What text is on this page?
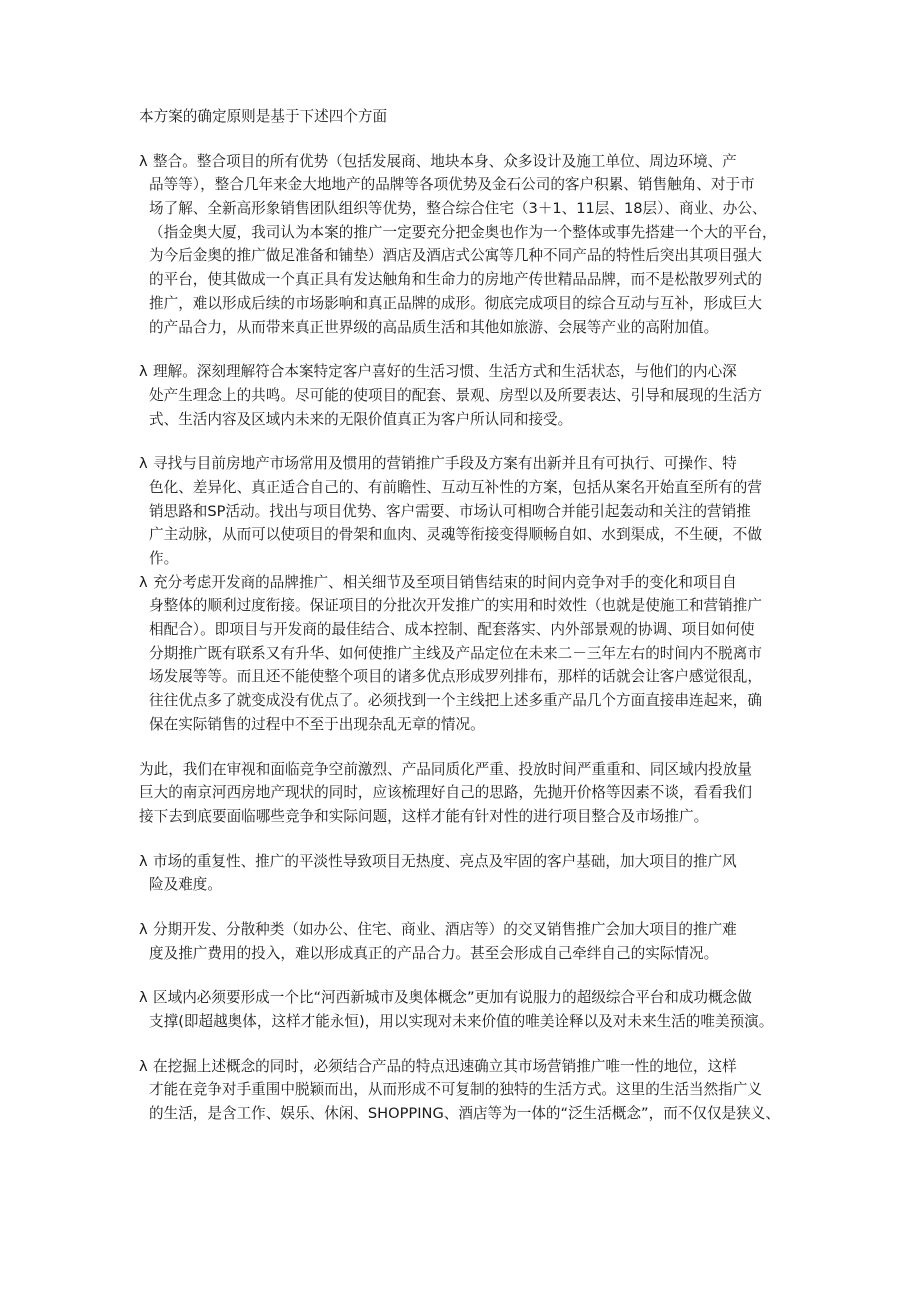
本方案的确定原则是基于下述四个方面
λ 整合。整合项目的所有优势（包括发展商、地块本身、众多设计及施工单位、周边环境、产
品等等），整合几年来金大地地产的品牌等各项优势及金石公司的客户积累、销售触角、对于市
场了解、全新高形象销售团队组织等优势，整合综合住宅（3＋1、11层、18层）、商业、办公、
（指金奥大厦，我司认为本案的推广一定要充分把金奥也作为一个整体或事先搭建一个大的平台，
为今后金奥的推广做足准备和铺垫）酒店及酒店式公寓等几种不同产品的特性后突出其项目强大
的平台，使其做成一个真正具有发达触角和生命力的房地产传世精品品牌，而不是松散罗列式的
推广，难以形成后续的市场影响和真正品牌的成形。彻底完成项目的综合互动与互补，形成巨大
的产品合力，从而带来真正世界级的高品质生活和其他如旅游、会展等产业的高附加值。
λ 理解。深刻理解符合本案特定客户喜好的生活习惯、生活方式和生活状态，与他们的内心深
处产生理念上的共鸣。尽可能的使项目的配套、景观、房型以及所要表达、引导和展现的生活方
式、生活内容及区域内未来的无限价值真正为客户所认同和接受。
λ 寻找与目前房地产市场常用及惯用的营销推广手段及方案有出新并且有可执行、可操作、特
色化、差异化、真正适合自己的、有前瞻性、互动互补性的方案，包括从案名开始直至所有的营
销思路和SP活动。找出与项目优势、客户需要、市场认可相吻合并能引起轰动和关注的营销推
广主动脉，从而可以使项目的骨架和血肉、灵魂等衔接变得顺畅自如、水到渠成，不生硬，不做
作。
λ 充分考虑开发商的品牌推广、相关细节及至项目销售结束的时间内竞争对手的变化和项目自
身整体的顺利过度衔接。保证项目的分批次开发推广的实用和时效性（也就是使施工和营销推广
相配合）。即项目与开发商的最佳结合、成本控制、配套落实、内外部景观的协调、项目如何使
分期推广既有联系又有升华、如何使推广主线及产品定位在未来二－三年左右的时间内不脱离市
场发展等等。而且还不能使整个项目的诸多优点形成罗列排布，那样的话就会让客户感觉很乱，
往往优点多了就变成没有优点了。必须找到一个主线把上述多重产品几个方面直接串连起来，确
保在实际销售的过程中不至于出现杂乱无章的情况。
为此，我们在审视和面临竞争空前激烈、产品同质化严重、投放时间严重重和、同区域内投放量
巨大的南京河西房地产现状的同时，应该梳理好自己的思路，先抛开价格等因素不谈，看看我们
接下去到底要面临哪些竞争和实际问题，这样才能有针对性的进行项目整合及市场推广。
λ 市场的重复性、推广的平淡性导致项目无热度、亮点及牢固的客户基础，加大项目的推广风
险及难度。
λ 分期开发、分散种类（如办公、住宅、商业、酒店等）的交叉销售推广会加大项目的推广难
度及推广费用的投入，难以形成真正的产品合力。甚至会形成自己牵绊自己的实际情况。
λ 区域内必须要形成一个比“河西新城市及奥体概念”更加有说服力的超级综合平台和成功概念做
支撑(即超越奥体，这样才能永恒)，用以实现对未来价值的唯美诠释以及对未来生活的唯美预演。
λ 在挖掘上述概念的同时，必须结合产品的特点迅速确立其市场营销推广唯一性的地位，这样
才能在竞争对手重围中脱颖而出，从而形成不可复制的独特的生活方式。这里的生活当然指广义
的生活，是含工作、娱乐、休闲、SHOPPING、酒店等为一体的“泛生活概念”，而不仅仅是狭义、
